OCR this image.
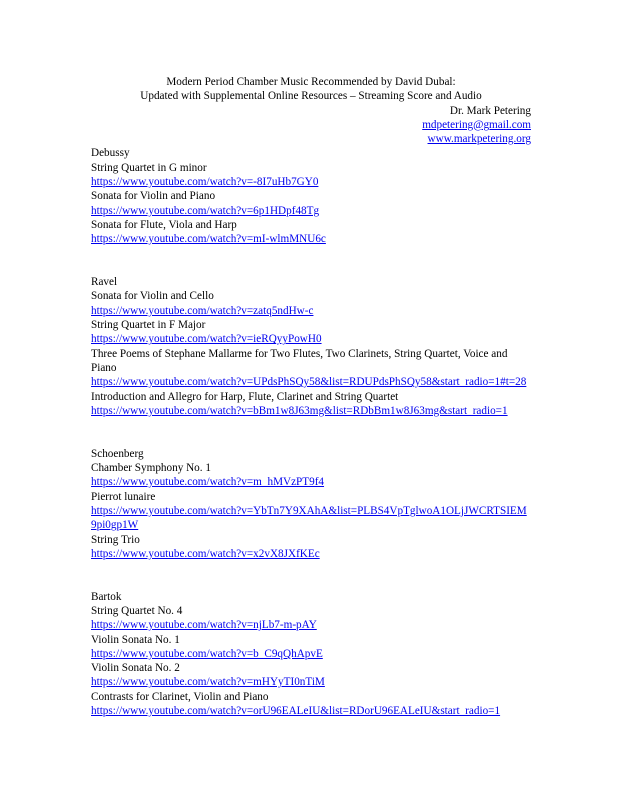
Modern Period Chamber Music Recommended by David Dubal:
Updated with Supplemental Online Resources – Streaming Score and Audio
Dr. Mark Petering
mdpetering@gmail.com
www.markpetering.org
Debussy
String Quartet in G minor
https://www.youtube.com/watch?v=-8I7uHb7GY0
Sonata for Violin and Piano
https://www.youtube.com/watch?v=6p1HDpf48Tg
Sonata for Flute, Viola and Harp
https://www.youtube.com/watch?v=mI-wlmMNU6c
Ravel
Sonata for Violin and Cello
https://www.youtube.com/watch?v=zatq5ndHw-c
String Quartet in F Major
https://www.youtube.com/watch?v=ieRQyyPowH0
Three Poems of Stephane Mallarme for Two Flutes, Two Clarinets, String Quartet, Voice and Piano
https://www.youtube.com/watch?v=UPdsPhSQy58&list=RDUPdsPhSQy58&start_radio=1#t=28
Introduction and Allegro for Harp, Flute, Clarinet and String Quartet
https://www.youtube.com/watch?v=bBm1w8J63mg&list=RDbBm1w8J63mg&start_radio=1
Schoenberg
Chamber Symphony No. 1
https://www.youtube.com/watch?v=m_hMVzPT9f4
Pierrot lunaire
https://www.youtube.com/watch?v=YbTn7Y9XAhA&list=PLBS4VpTglwoA1OLjJWCRTSIEM9pi0gp1W
String Trio
https://www.youtube.com/watch?v=x2vX8JXfKEc
Bartok
String Quartet No. 4
https://www.youtube.com/watch?v=njLb7-m-pAY
Violin Sonata No. 1
https://www.youtube.com/watch?v=b_C9qQhApvE
Violin Sonata No. 2
https://www.youtube.com/watch?v=mHYyTI0nTiM
Contrasts for Clarinet, Violin and Piano
https://www.youtube.com/watch?v=orU96EALeIU&list=RDorU96EALeIU&start_radio=1
